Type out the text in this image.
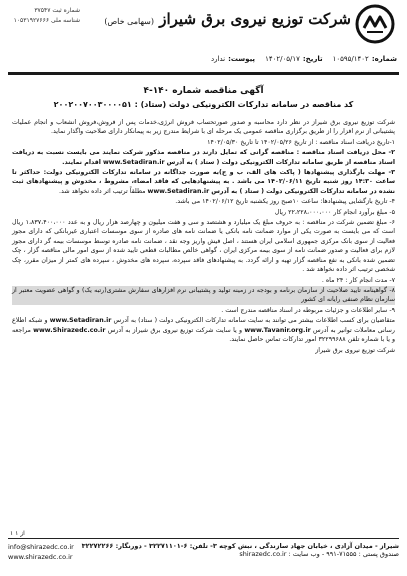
شرکت توزیع نیروی برق شیراز (سهامی خاص)
شماره ثبت ۳۷۵۴۷
شناسه ملی ۱۰۵۳۱۹۲۷۶۶۶
شماره:۱۰۵۹۵/۱۴۰۲
تاریخ:۱۴۰۲/۰۵/۱۷
پیوست:ندارد
آگهی مناقصه شماره ۱۴۰-۴
کد مناقصه در سامانه تدارکات الکترونیکی دولت (ستاد) : ۲۰۰۲۰۰۷۰۰۳۰۰۰۰۵۱

شرکت توزیع نیروی برق شیراز در نظر دارد محاسبه و صدور صورتحساب فروش انرژی،خدمات پس از فروش،فروش انشعاب و انجام عملیات پشتیبانی از نرم افزار را از طریق برگزاری مناقصه عمومی یک مرحله ای با شرایط مندرج زیر به پیمانکار دارای صلاحیت واگذار نماید.

۱-تاریخ دریافت اسناد مناقصه : از تاریخ ۱۴۰۲/۰۵/۲۶ تا تاریخ ۱۴۰۲/۰۵/۳۰

۲- محل دریافت اسناد مناقصه : مناقصه گرانی که تمایل دارند در مناقصه مذکور شرکت نمایند می بایست نسبت به دریافت اسناد مناقصه از طریق سامانه تدارکات الکترونیکی دولت ( ستاد ) به آدرس www.Setadiran.ir اقدام نمایند.

۳- مهلت بارگذاری پیشنهادها ( پاکت های الف، ب و ج)به صورت جداگانه در سامانه تدارکات الکترونیکی دولت: حداکثر تا ساعت ۱۴:۳۰ روز شنبه تاریخ ۱۴۰۲/۰۶/۱۱ می باشد . به پیشنهادهایی که فاقد امضاء، مشروط ، مخدوش و پیشنهادهای ثبت نشده در سامانه تدارکات الکترونیکی دولت ( ستاد ) به آدرس www.Setadiran.ir مطلقاً ترتیب اثر داده نخواهد شد.

۴- تاریخ بازگشایی پیشنهادها: ساعت ۱۰صبح روز یکشنبه تاریخ ۱۴۰۲/۰۶/۱۲ می باشد.

۵- مبلغ برآورد انجام کار ۲۲،۲۲۸،۰۰۰،۰۰۰ ریال

۶- مبلغ تضمین شرکت در مناقصه : به حروف مبلغ یک میلیارد و هشتصد و سی و هفت میلیون و چهارصد هزار ریال و به عدد ۱،۸۳۷،۴۰۰،۰۰۰ ریال است که می بایست به صورت یکی از موارد ضمانت نامه بانکی یا ضمانت نامه های صادره از سوی موسسات اعتباری غیربانکی که دارای مجوز فعالیت از سوی بانک مرکزی جمهوری اسلامی ایران هستند ، اصل فیش واریز وجه نقد ، ضمانت نامه صادره توسط موسسات بیمه گر دارای مجوز لازم برای فعالیت و صدور ضمانت نامه از سوی بیمه مرکزی ایران ، گواهی خالص مطالبات قطعی تایید شده از سوی امور مالی مناقصه گزار ، چک تضمین شده بانکی به نفع مناقصه گزار تهیه و ارائه گردد. به پیشنهادهای فاقد سپرده، سپرده های مخدوش ، سپرده های کمتر از میزان مقرر، چک شخصی ترتیب اثر داده نخواهد شد .

۷- مدت انجام کار : ۲۴ ماه .

۸- گواهینامه تایید صلاحیت از سازمان برنامه و بودجه در زمینه تولید و پشتیبانی نرم افزارهای سفارش مشتری(رتبه یک) و گواهی عضویت معتبر از سازمان نظام صنفی رایانه ای کشور

۹- سایر اطلاعات و جزئیات مربوطه در اسناد مناقصه مندرج است .

متقاضیان برای کسب اطلاعات بیشتر می توانند به سایت سامانه تدارکات الکترونیکی دولت ( ستاد) به آدرس www.Setadiran.ir و شبکه اطلاع رسانی معاملات توانیر به آدرس www.Tavanir.org.ir و یا سایت شرکت توزیع نیروی برق شیراز به آدرس www.Shirazedc.co.ir مراجعه و یا با شماره تلفن ۳۲۲۹۹۶۸۸ امور تدارکات تماس حاصل نمایند.

شرکت توزیع نیروی برق شیراز
۱ از ۱
شیراز - میدان آزادی ، خیابان جهاد سازندگی ، نبش کوچه ۳- تلفن: ۶-۳۲۲۷۱۱۰۱ - دورنگار: ۳۲۲۷۲۲۶۶
صندوق پستی : ۷۱۵۵۵-۹۹۱ - وب سایت : shirazedc.co.ir
info@shirazedc.co.ir
www.shirazedc.co.ir
